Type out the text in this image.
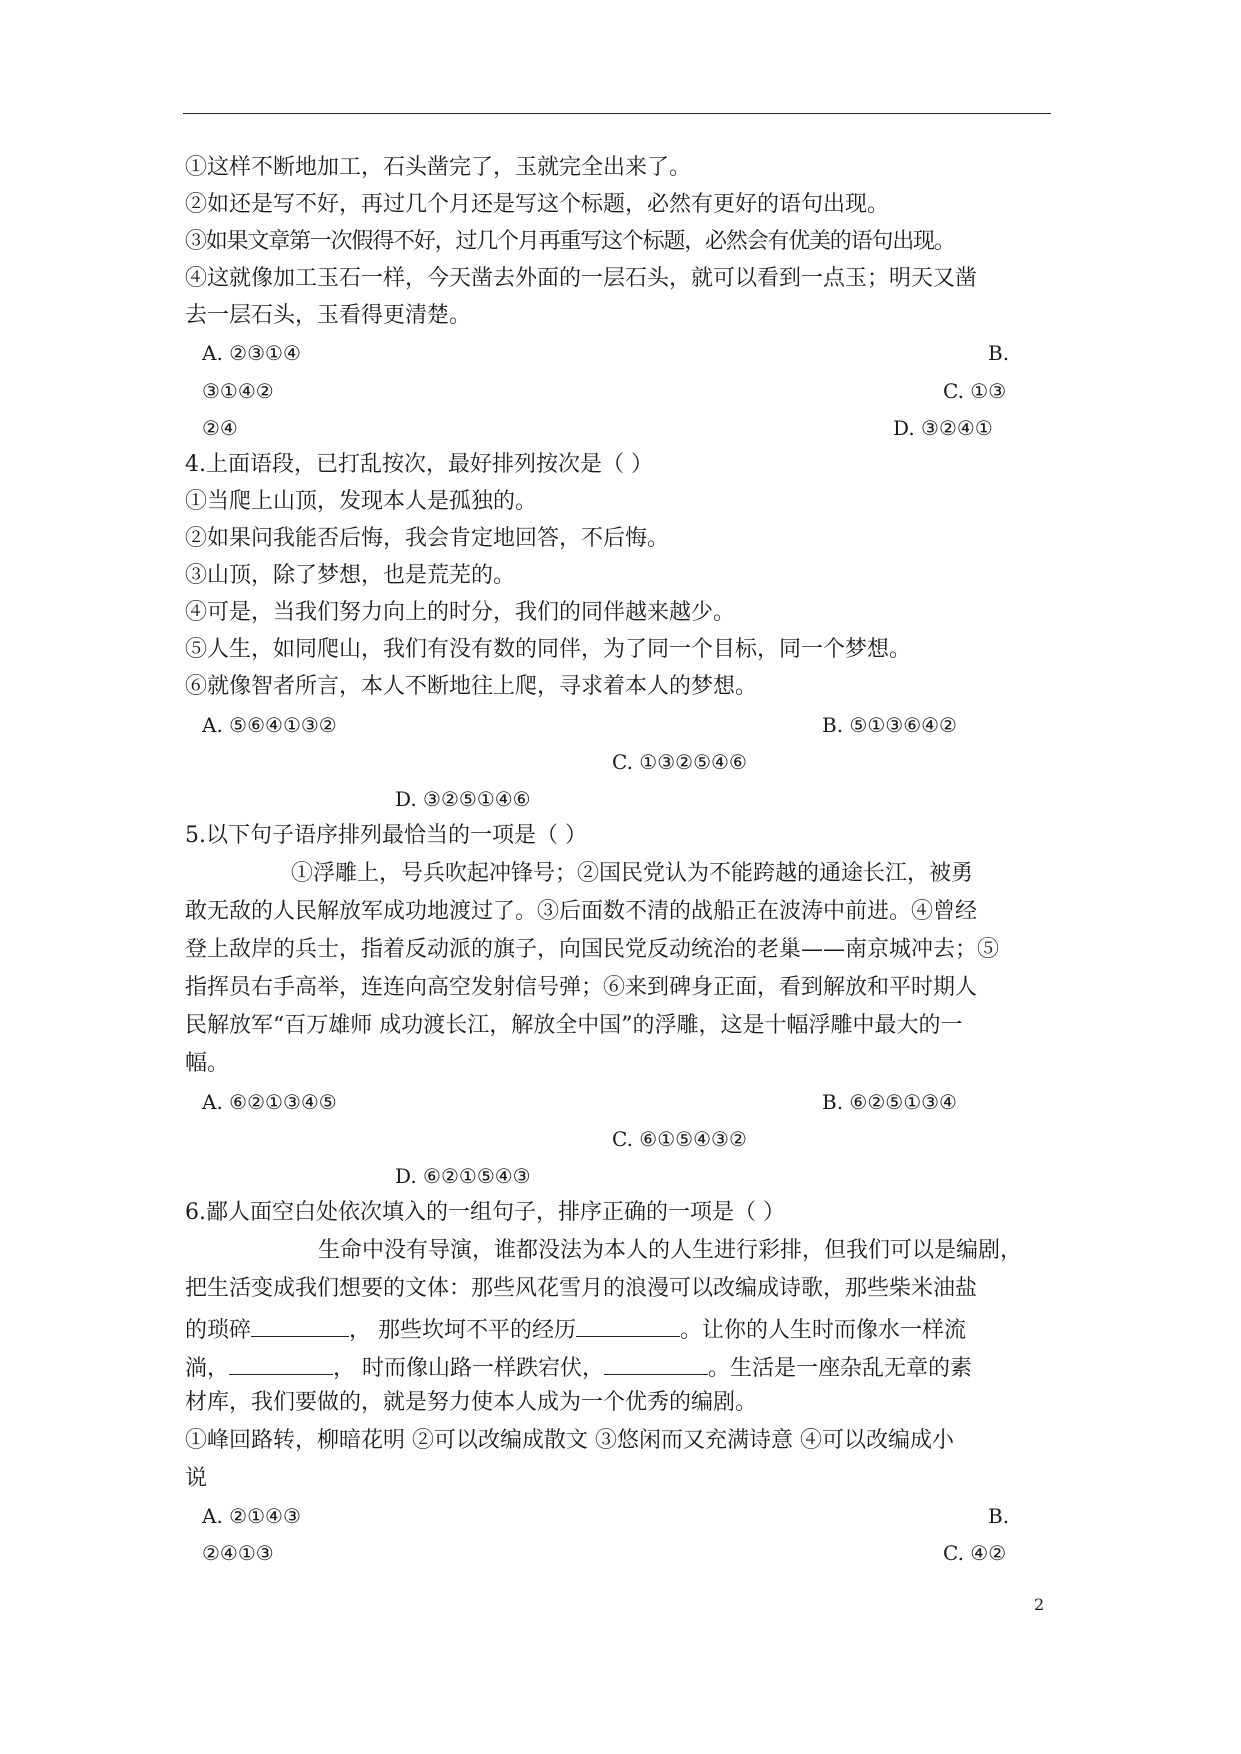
①这样不断地加工，石头凿完了，玉就完全出来了。
②如还是写不好，再过几个月还是写这个标题，必然有更好的语句出现。
③如果文章第一次假得不好，过几个月再重写这个标题，必然会有优美的语句出现。
④这就像加工玉石一样，今天凿去外面的一层石头，就可以看到一点玉；明天又凿
去一层石头，玉看得更清楚。
A. ②③①④	B.
③①④②	C. ①③
②④	D. ③②④①
4.上面语段，已打乱按次，最好排列按次是（ ）
①当爬上山顶，发现本人是孤独的。
②如果问我能否后悔，我会肯定地回答，不后悔。
③山顶，除了梦想，也是荒芜的。
④可是，当我们努力向上的时分，我们的同伴越来越少。
⑤人生，如同爬山，我们有没有数的同伴，为了同一个目标，同一个梦想。
⑥就像智者所言，本人不断地往上爬，寻求着本人的梦想。
A. ⑤⑥④①③②	B. ⑤①③⑥④②
C. ①③②⑤④⑥
D. ③②⑤①④⑥
5.以下句子语序排列最恰当的一项是（ ）
①浮雕上，号兵吹起冲锋号；②国民党认为不能跨越的通途长江，被勇
敢无敌的人民解放军成功地渡过了。③后面数不清的战船正在波涛中前进。④曾经
登上敌岸的兵士，指着反动派的旗子，向国民党反动统治的老巢——南京城冲去；⑤
指挥员右手高举，连连向高空发射信号弹；⑥来到碑身正面，看到解放和平时期人
民解放军“百万雄师 成功渡长江，解放全中国”的浮雕，这是十幅浮雕中最大的一
幅。
A. ⑥②①③④⑤	B. ⑥②⑤①③④
C. ⑥①⑤④③②
D. ⑥②①⑤④③
6.鄙人面空白处依次填入的一组句子，排序正确的一项是（ ）
生命中没有导演，谁都没法为本人的人生进行彩排，但我们可以是编剧，
把生活变成我们想要的文体：那些风花雪月的浪漫可以改编成诗歌，那些柴米油盐
的琐碎	， 那些坎坷不平的经历	。让你的人生时而像水一样流
淌，	， 时而像山路一样跌宕伏，	。生活是一座杂乱无章的素
材库，我们要做的，就是努力使本人成为一个优秀的编剧。
①峰回路转，柳暗花明 ②可以改编成散文 ③悠闲而又充满诗意 ④可以改编成小
说
A. ②①④③	B.
②④①③	C. ④②
2
